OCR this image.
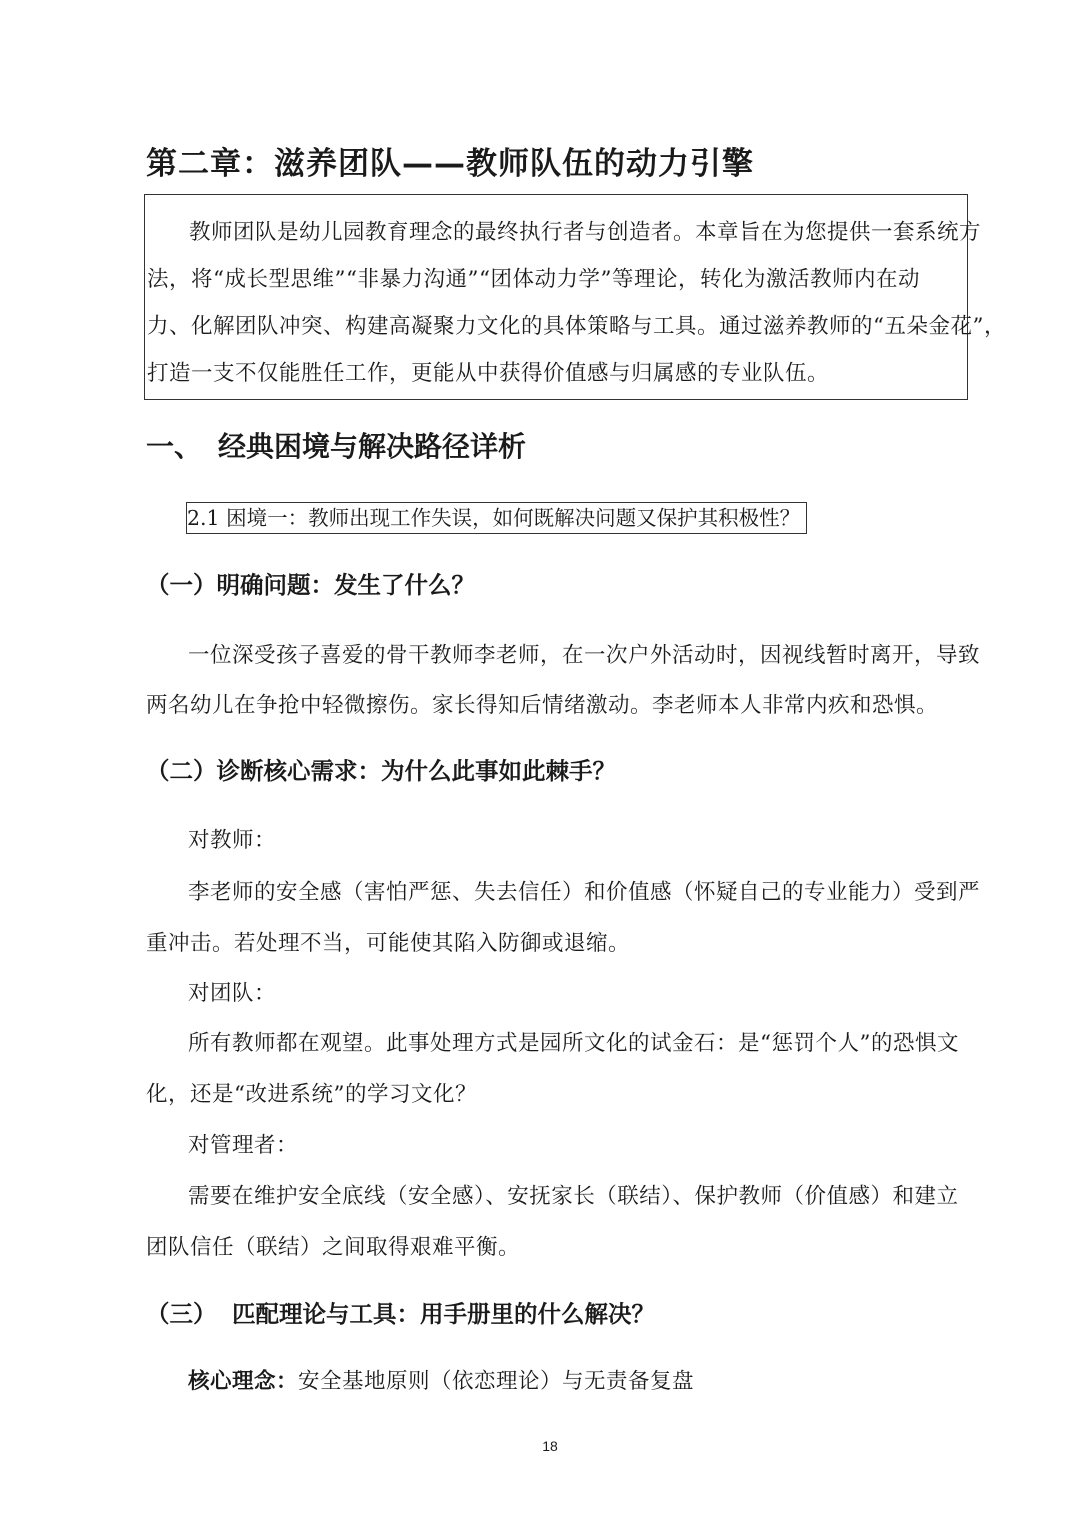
第二章：滋养团队——教师队伍的动力引擎
教师团队是幼儿园教育理念的最终执行者与创造者。本章旨在为您提供一套系统方
法，将“成长型思维”“非暴力沟通”“团体动力学”等理论，转化为激活教师内在动
力、化解团队冲突、构建高凝聚力文化的具体策略与工具。通过滋养教师的“五朵金花”，
打造一支不仅能胜任工作，更能从中获得价值感与归属感的专业队伍。
一、 经典困境与解决路径详析
2.1 困境一：教师出现工作失误，如何既解决问题又保护其积极性？
（一）明确问题：发生了什么？
一位深受孩子喜爱的骨干教师李老师，在一次户外活动时，因视线暂时离开，导致
两名幼儿在争抢中轻微擦伤。家长得知后情绪激动。李老师本人非常内疚和恐惧。
（二）诊断核心需求：为什么此事如此棘手？
对教师：
李老师的安全感（害怕严惩、失去信任）和价值感（怀疑自己的专业能力）受到严
重冲击。若处理不当，可能使其陷入防御或退缩。
对团队：
所有教师都在观望。此事处理方式是园所文化的试金石：是“惩罚个人”的恐惧文
化，还是“改进系统”的学习文化？
对管理者：
需要在维护安全底线（安全感）、安抚家长（联结）、保护教师（价值感）和建立
团队信任（联结）之间取得艰难平衡。
（三） 匹配理论与工具：用手册里的什么解决？
核心理念：安全基地原则（依恋理论）与无责备复盘
18
